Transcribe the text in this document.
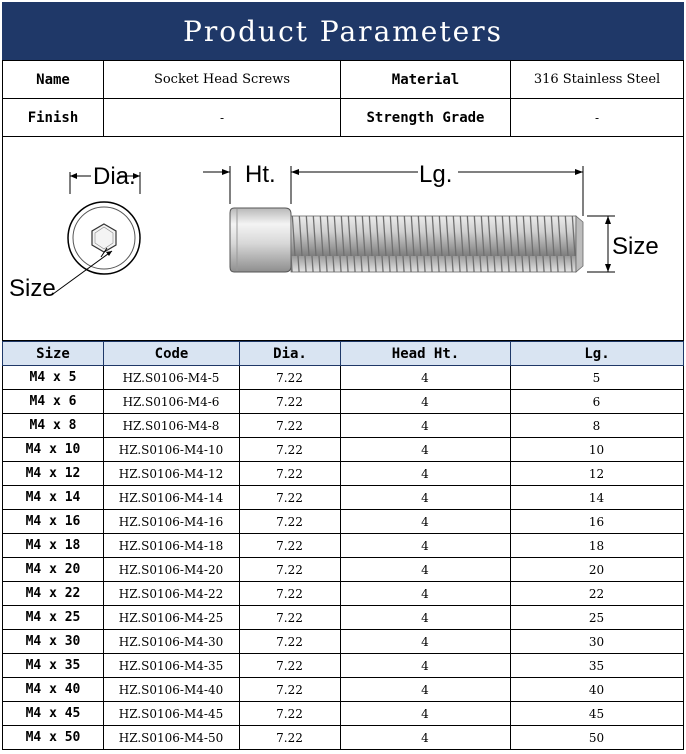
Product Parameters
Name	Socket Head Screws	Material	316 Stainless Steel
Finish	-	Strength Grade	-
Dia.
Size
Ht.	Lg.
Size
Size	Code	Dia.	Head Ht.	Lg.
M4 x 5	HZ.S0106-M4-5	7.22	4	5
M4 x 6	HZ.S0106-M4-6	7.22	4	6
M4 x 8	HZ.S0106-M4-8	7.22	4	8
M4 x 10	HZ.S0106-M4-10	7.22	4	10
M4 x 12	HZ.S0106-M4-12	7.22	4	12
M4 x 14	HZ.S0106-M4-14	7.22	4	14
M4 x 16	HZ.S0106-M4-16	7.22	4	16
M4 x 18	HZ.S0106-M4-18	7.22	4	18
M4 x 20	HZ.S0106-M4-20	7.22	4	20
M4 x 22	HZ.S0106-M4-22	7.22	4	22
M4 x 25	HZ.S0106-M4-25	7.22	4	25
M4 x 30	HZ.S0106-M4-30	7.22	4	30
M4 x 35	HZ.S0106-M4-35	7.22	4	35
M4 x 40	HZ.S0106-M4-40	7.22	4	40
M4 x 45	HZ.S0106-M4-45	7.22	4	45
M4 x 50	HZ.S0106-M4-50	7.22	4	50
